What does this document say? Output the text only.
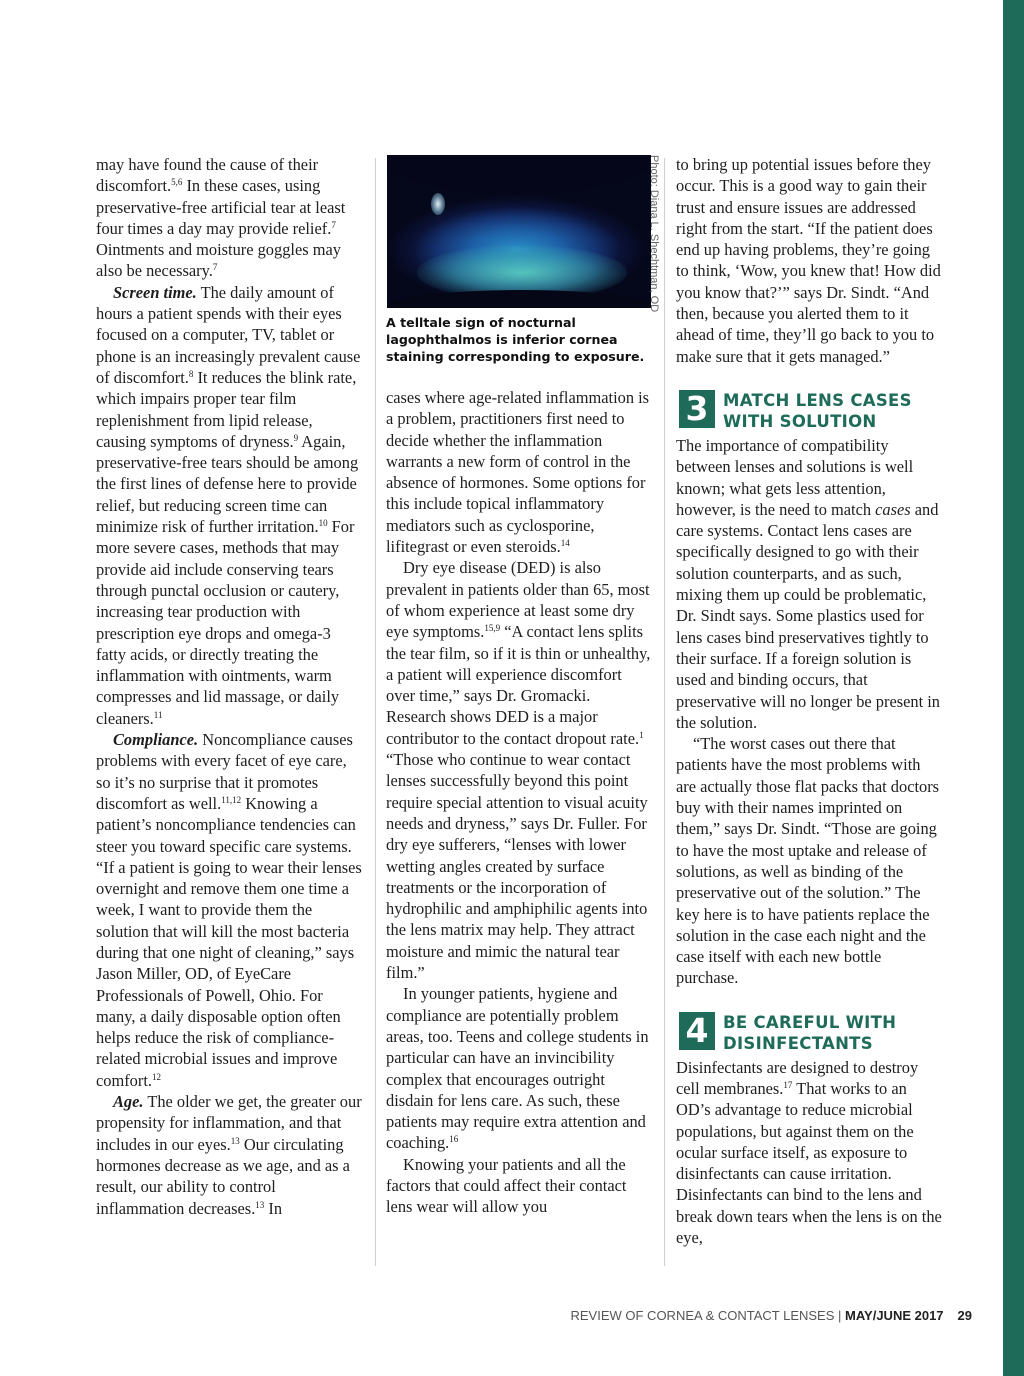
may have found the cause of their discomfort.$^{5,6}$ In these cases, using preservative-free artificial tear at least four times a day may provide relief.$^7$ Ointments and moisture goggles may also be necessary.$^7$

Screen time. The daily amount of hours a patient spends with their eyes focused on a computer, TV, tablet or phone is an increasingly prevalent cause of discomfort.$^8$ It reduces the blink rate, which impairs proper tear film replenishment from lipid release, causing symptoms of dryness.$^9$ Again, preservative-free tears should be among the first lines of defense here to provide relief, but reducing screen time can minimize risk of further irritation.$^{10}$ For more severe cases, methods that may provide aid include conserving tears through punctal occlusion or cautery, increasing tear production with prescription eye drops and omega-3 fatty acids, or directly treating the inflammation with ointments, warm compresses and lid massage, or daily cleaners.$^{11}$

Compliance. Noncompliance causes problems with every facet of eye care, so it’s no surprise that it promotes discomfort as well.$^{11,12}$ Knowing a patient’s noncompliance tendencies can steer you toward specific care systems. “If a patient is going to wear their lenses overnight and remove them one time a week, I want to provide them the solution that will kill the most bacteria during that one night of cleaning,” says Jason Miller, OD, of EyeCare Professionals of Powell, Ohio. For many, a daily disposable option often helps reduce the risk of compliance-related microbial issues and improve comfort.$^{12}$

Age. The older we get, the greater our propensity for inflammation, and that includes in our eyes.$^{13}$ Our circulating hormones decrease as we age, and as a result, our ability to control inflammation decreases.$^{13}$ In

Photo: Diana L. Shechtman, OD
A telltale sign of nocturnal lagophthalmos is inferior cornea staining corresponding to exposure.

cases where age-related inflammation is a problem, practitioners first need to decide whether the inflammation warrants a new form of control in the absence of hormones. Some options for this include topical inflammatory mediators such as cyclosporine, lifitegrast or even steroids.$^{14}$

Dry eye disease (DED) is also prevalent in patients older than 65, most of whom experience at least some dry eye symptoms.$^{15,9}$ “A contact lens splits the tear film, so if it is thin or unhealthy, a patient will experience discomfort over time,” says Dr. Gromacki. Research shows DED is a major contributor to the contact dropout rate.$^1$ “Those who continue to wear contact lenses successfully beyond this point require special attention to visual acuity needs and dryness,” says Dr. Fuller. For dry eye sufferers, “lenses with lower wetting angles created by surface treatments or the incorporation of hydrophilic and amphiphilic agents into the lens matrix may help. They attract moisture and mimic the natural tear film.”

In younger patients, hygiene and compliance are potentially problem areas, too. Teens and college students in particular can have an invincibility complex that encourages outright disdain for lens care. As such, these patients may require extra attention and coaching.$^{16}$

Knowing your patients and all the factors that could affect their contact lens wear will allow you

to bring up potential issues before they occur. This is a good way to gain their trust and ensure issues are addressed right from the start. “If the patient does end up having problems, they’re going to think, ‘Wow, you knew that! How did you know that?’” says Dr. Sindt. “And then, because you alerted them to it ahead of time, they’ll go back to you to make sure that it gets managed.”

3 MATCH LENS CASES WITH SOLUTION

The importance of compatibility between lenses and solutions is well known; what gets less attention, however, is the need to match cases and care systems. Contact lens cases are specifically designed to go with their solution counterparts, and as such, mixing them up could be problematic, Dr. Sindt says. Some plastics used for lens cases bind preservatives tightly to their surface. If a foreign solution is used and binding occurs, that preservative will no longer be present in the solution.

“The worst cases out there that patients have the most problems with are actually those flat packs that doctors buy with their names imprinted on them,” says Dr. Sindt. “Those are going to have the most uptake and release of solutions, as well as binding of the preservative out of the solution.” The key here is to have patients replace the solution in the case each night and the case itself with each new bottle purchase.

4 BE CAREFUL WITH DISINFECTANTS

Disinfectants are designed to destroy cell membranes.$^{17}$ That works to an OD’s advantage to reduce microbial populations, but against them on the ocular surface itself, as exposure to disinfectants can cause irritation. Disinfectants can bind to the lens and break down tears when the lens is on the eye,

REVIEW OF CORNEA & CONTACT LENSES | MAY/JUNE 2017 29
